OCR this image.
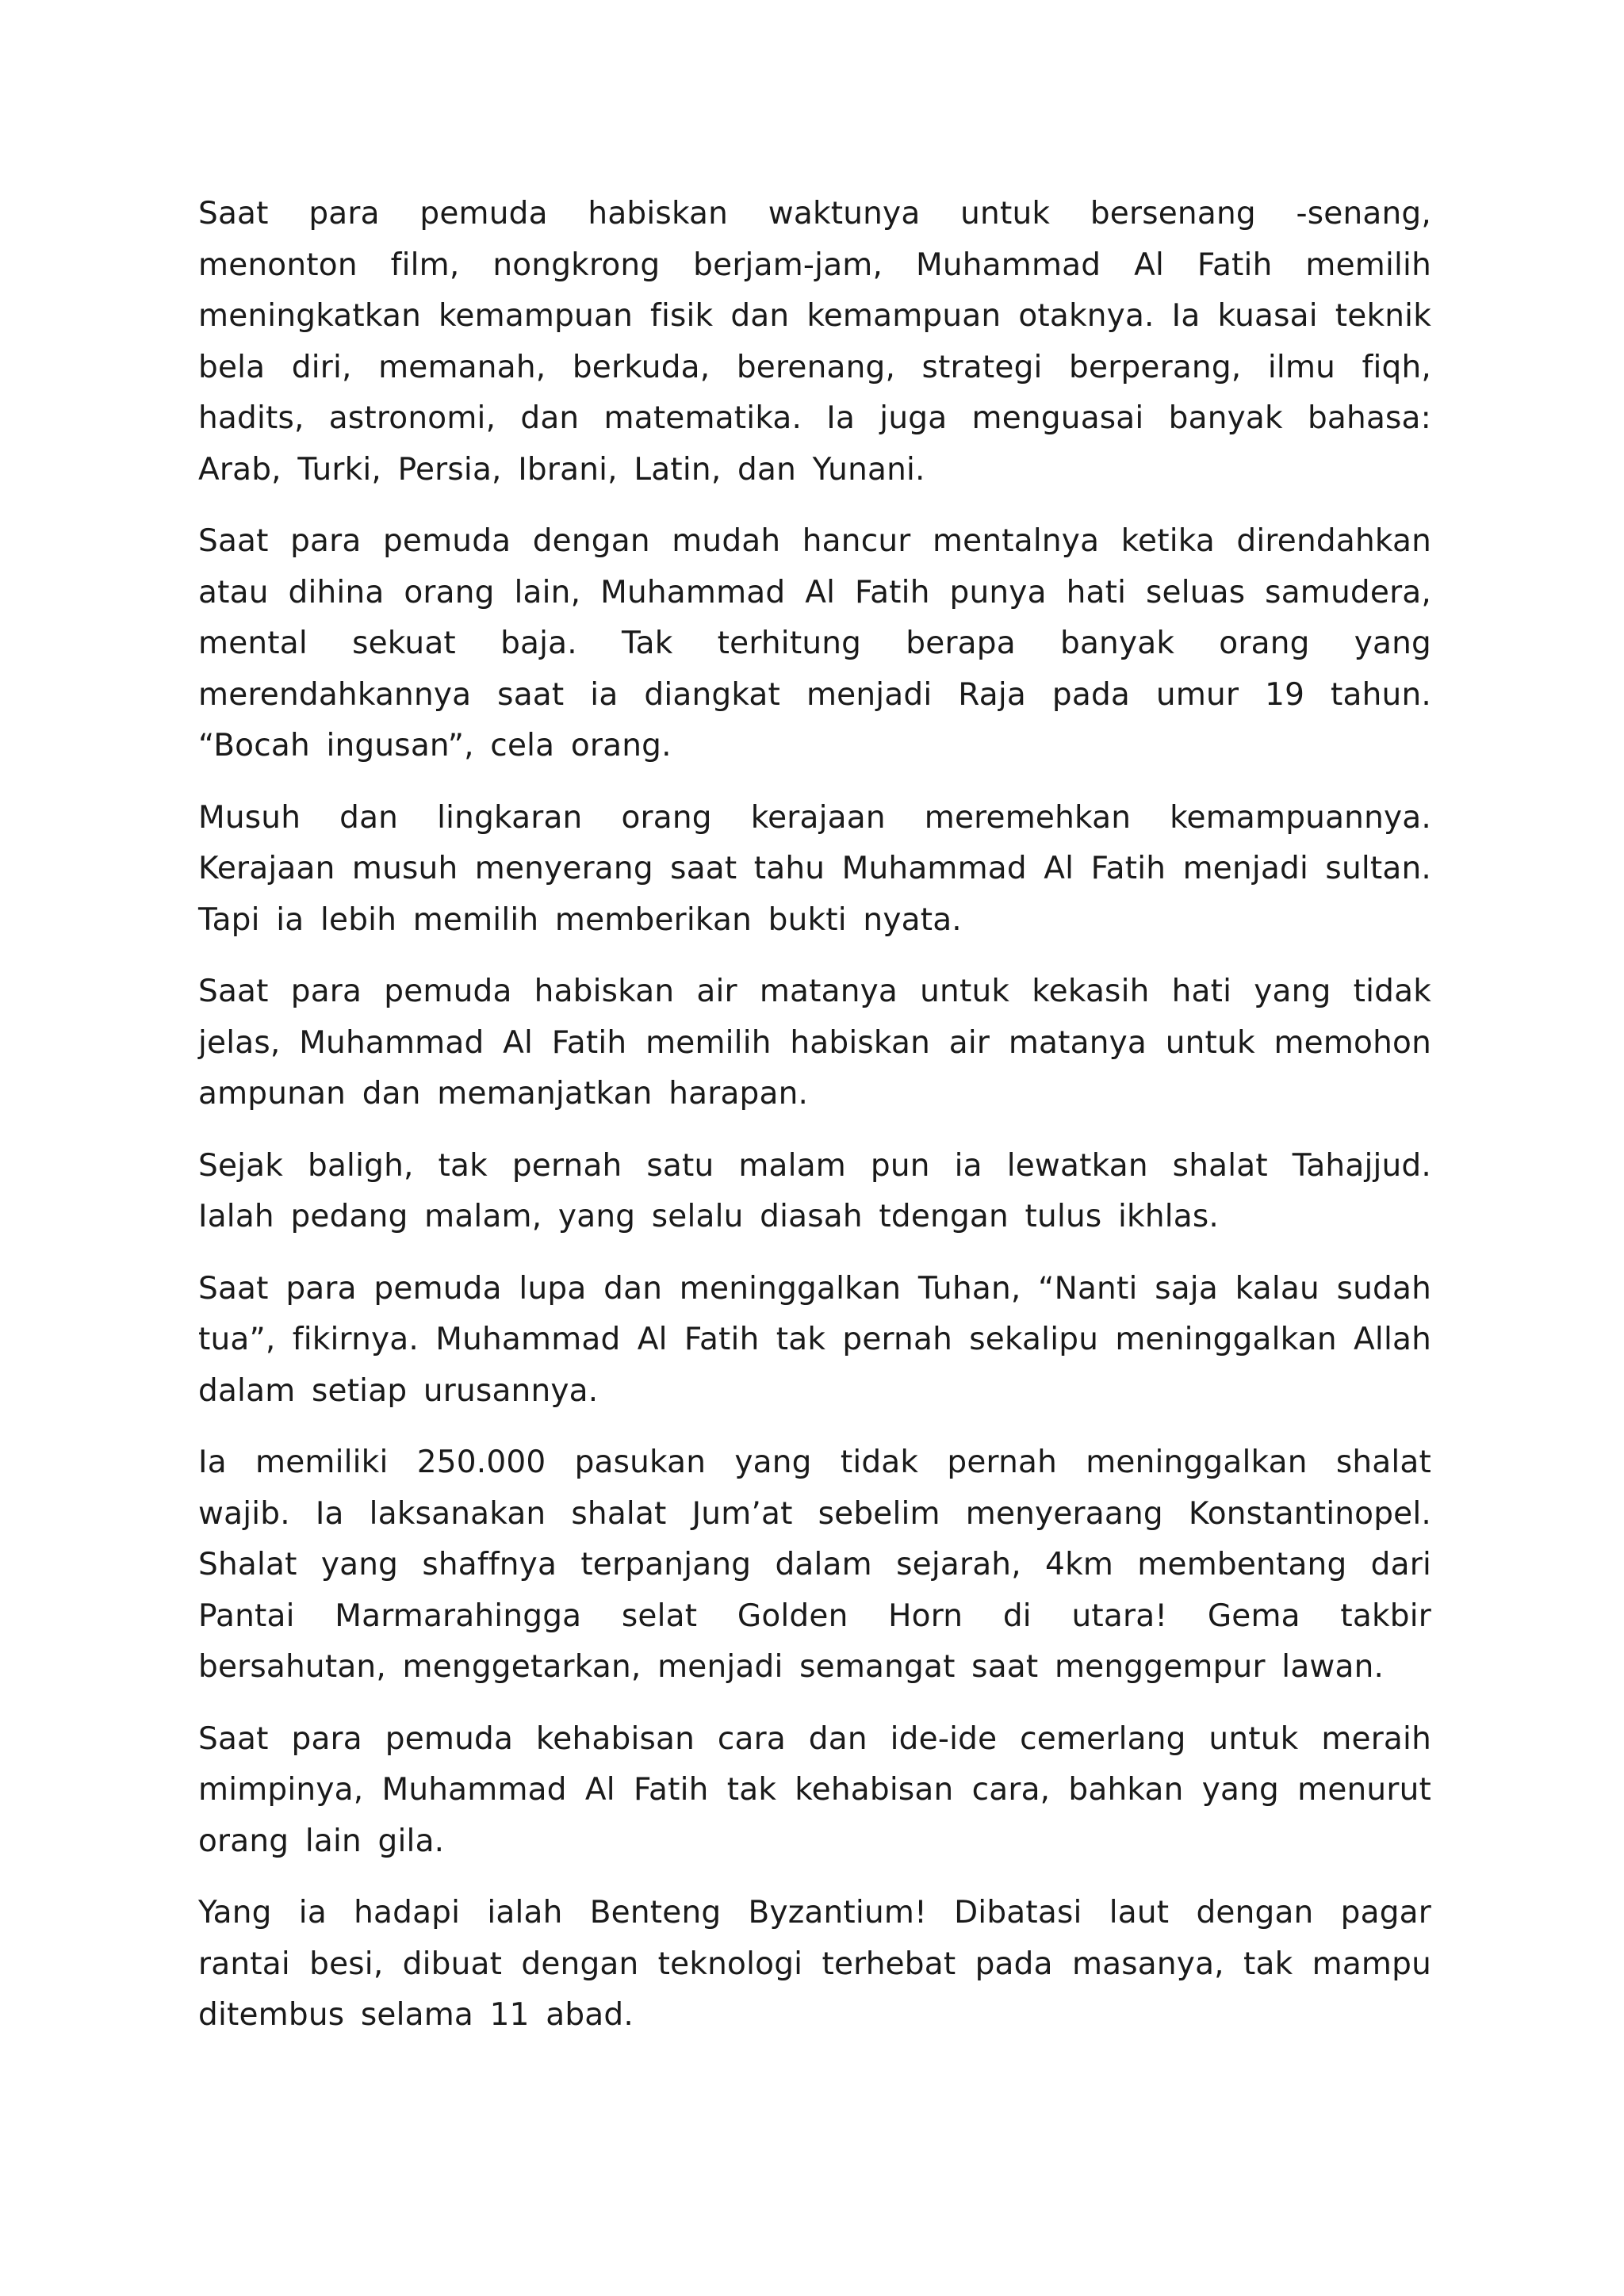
Saat para pemuda habiskan waktunya untuk bersenang -senang, menonton film, nongkrong berjam-jam, Muhammad Al Fatih memilih meningkatkan kemampuan fisik dan kemampuan otaknya. Ia kuasai teknik bela diri, memanah, berkuda, berenang, strategi berperang, ilmu fiqh, hadits, astronomi, dan matematika. Ia juga menguasai banyak bahasa: Arab, Turki, Persia, Ibrani, Latin, dan Yunani.

Saat para pemuda dengan mudah hancur mentalnya ketika direndahkan atau dihina orang lain, Muhammad Al Fatih punya hati seluas samudera, mental sekuat baja. Tak terhitung berapa banyak orang yang merendahkannya saat ia diangkat menjadi Raja pada umur 19 tahun. “Bocah ingusan”, cela orang.

Musuh dan lingkaran orang kerajaan meremehkan kemampuannya. Kerajaan musuh menyerang saat tahu Muhammad Al Fatih menjadi sultan. Tapi ia lebih memilih memberikan bukti nyata.

Saat para pemuda habiskan air matanya untuk kekasih hati yang tidak jelas, Muhammad Al Fatih memilih habiskan air matanya untuk memohon ampunan dan memanjatkan harapan.

Sejak baligh, tak pernah satu malam pun ia lewatkan shalat Tahajjud. Ialah pedang malam, yang selalu diasah tdengan tulus ikhlas.

Saat para pemuda lupa dan meninggalkan Tuhan, “Nanti saja kalau sudah tua”, fikirnya. Muhammad Al Fatih tak pernah sekalipu meninggalkan Allah dalam setiap urusannya.

Ia memiliki 250.000 pasukan yang tidak pernah meninggalkan shalat wajib. Ia laksanakan shalat Jum’at sebelim menyeraang Konstantinopel. Shalat yang shaffnya terpanjang dalam sejarah, 4km membentang dari Pantai Marmarahingga selat Golden Horn di utara! Gema takbir bersahutan, menggetarkan, menjadi semangat saat menggempur lawan.

Saat para pemuda kehabisan cara dan ide-ide cemerlang untuk meraih mimpinya, Muhammad Al Fatih tak kehabisan cara, bahkan yang menurut orang lain gila.

Yang ia hadapi ialah Benteng Byzantium! Dibatasi laut dengan pagar rantai besi, dibuat dengan teknologi terhebat pada masanya, tak mampu ditembus selama 11 abad.
